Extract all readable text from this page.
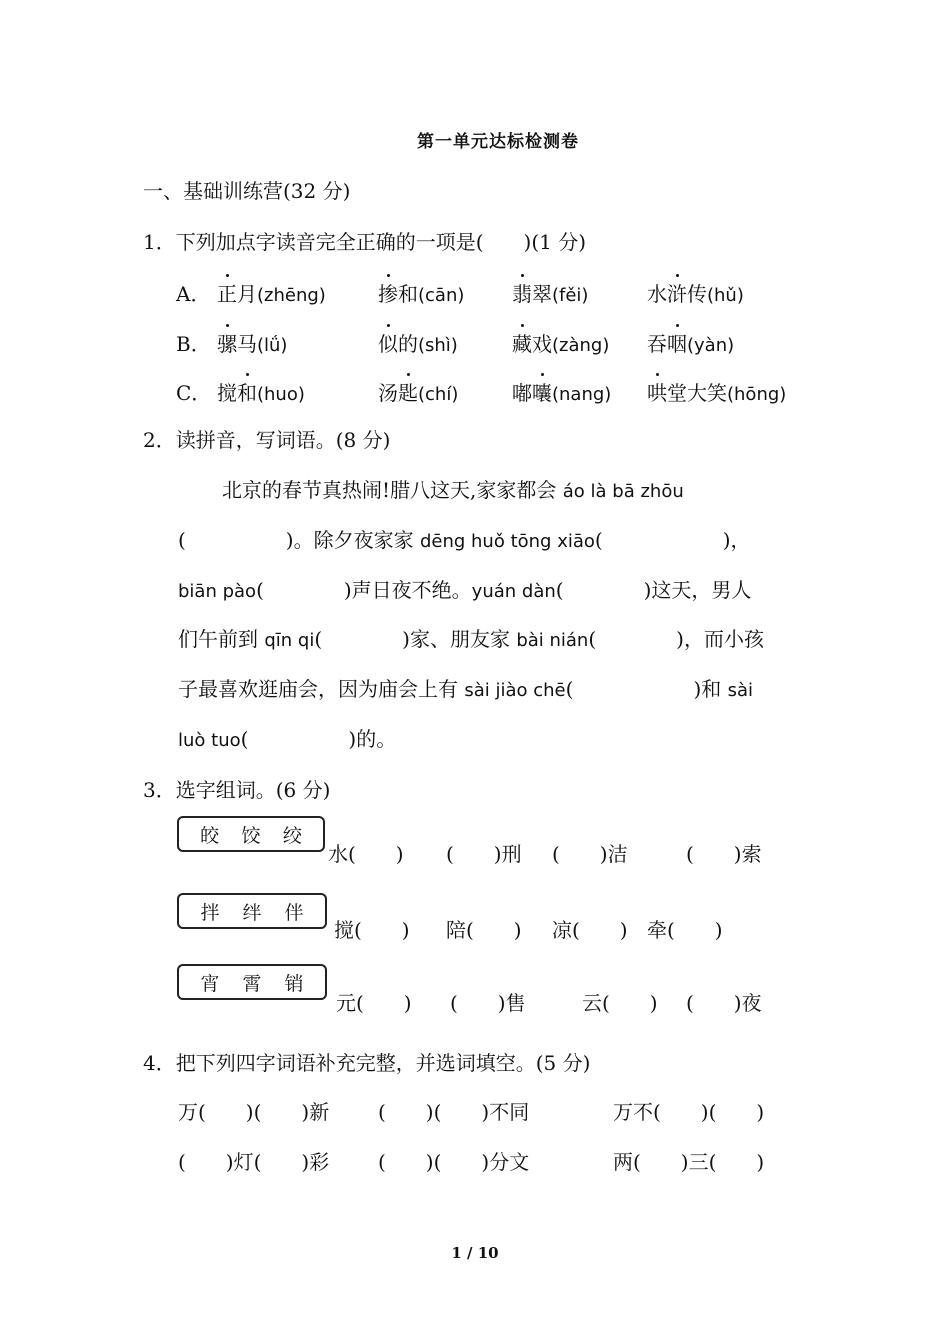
第一单元达标检测卷
一、基础训练营(32 分)
1．下列加点字读音完全正确的一项是(　　)(1 分)
A． 正月(zhēng)	掺和(cān) 翡翠(fěi)	水浒传(hǔ)
B． 骡马(lǘ)	似的(shì)	藏戏(zàng) 吞咽(yàn)
C． 搅和(huo)	汤匙(chí)	嘟囔(nang) 哄堂大笑(hōng)
2．读拼音，写词语。(8 分)
北京的春节真热闹!腊八这天,家家都会 áo là bā zhōu
(　　　　　)。除夕夜家家 dēng huǒ tōng xiāo(　　　　　　)，
biān pào(　　　　)声日夜不绝。yuán dàn(　　　　)这天，男人
们午前到 qīn qi(　　　　)家、朋友家 bài nián(　　　　)，而小孩
子最喜欢逛庙会，因为庙会上有 sài jiào chē(　　　　　　)和 sài
luò tuo(　　　　　)的。
3．选字组词。(6 分)
皎 饺 绞
水(　　) (　　)刑 (　　)洁	(　　)索
拌 绊 伴
搅(　　) 陪(　　) 凉(　　) 牵(　　)
宵 霄 销
元(　　) (　　)售	云(　　) (　　)夜
4．把下列四字词语补充完整，并选词填空。(5 分)
万(　　)(　　)新 (　　)(　　)不同	万不(　　)(　　)
(　　)灯(　　)彩 (　　)(　　)分文	两(　　)三(　　)
1 / 10
